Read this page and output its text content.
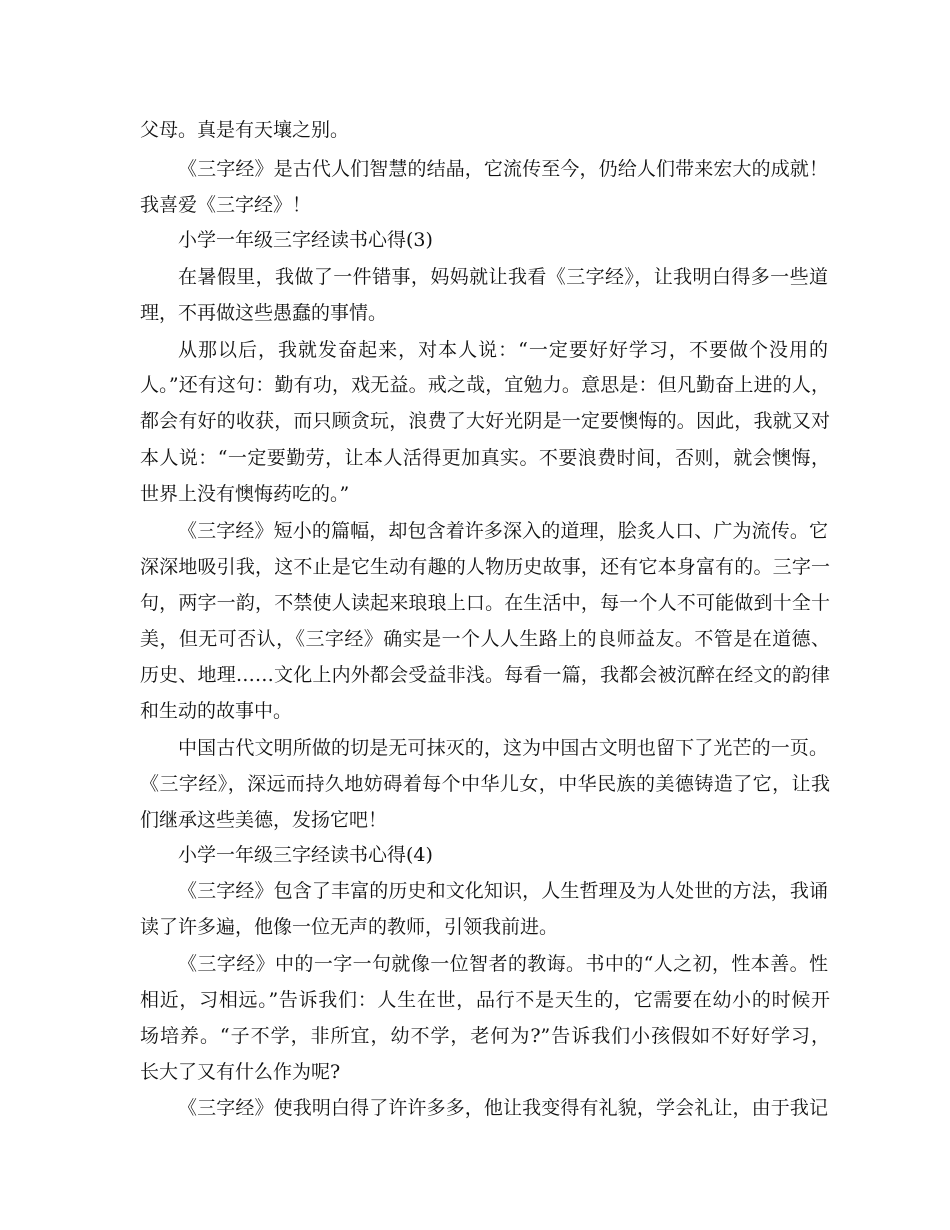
父母。真是有天壤之别。
《三字经》是古代人们智慧的结晶，它流传至今，仍给人们带来宏大的成就！
我喜爱《三字经》！
小学一年级三字经读书心得(3)
在暑假里，我做了一件错事，妈妈就让我看《三字经》，让我明白得多一些道
理，不再做这些愚蠢的事情。
从那以后，我就发奋起来，对本人说：“一定要好好学习，不要做个没用的
人。”还有这句：勤有功，戏无益。戒之哉，宜勉力。意思是：但凡勤奋上进的人，
都会有好的收获，而只顾贪玩，浪费了大好光阴是一定要懊悔的。因此，我就又对
本人说：“一定要勤劳，让本人活得更加真实。不要浪费时间，否则，就会懊悔，
世界上没有懊悔药吃的。”
《三字经》短小的篇幅，却包含着许多深入的道理，脍炙人口、广为流传。它
深深地吸引我，这不止是它生动有趣的人物历史故事，还有它本身富有的。三字一
句，两字一韵，不禁使人读起来琅琅上口。在生活中，每一个人不可能做到十全十
美，但无可否认，《三字经》确实是一个人人生路上的良师益友。不管是在道德、
历史、地理……文化上内外都会受益非浅。每看一篇，我都会被沉醉在经文的韵律
和生动的故事中。
中国古代文明所做的切是无可抹灭的，这为中国古文明也留下了光芒的一页。
《三字经》，深远而持久地妨碍着每个中华儿女，中华民族的美德铸造了它，让我
们继承这些美德，发扬它吧！
小学一年级三字经读书心得(4)
《三字经》包含了丰富的历史和文化知识，人生哲理及为人处世的方法，我诵
读了许多遍，他像一位无声的教师，引领我前进。
《三字经》中的一字一句就像一位智者的教诲。书中的“人之初，性本善。性
相近，习相远。”告诉我们：人生在世，品行不是天生的，它需要在幼小的时候开
场培养。“子不学，非所宜，幼不学，老何为?”告诉我们小孩假如不好好学习，
长大了又有什么作为呢?
《三字经》使我明白得了许许多多，他让我变得有礼貌，学会礼让，由于我记
